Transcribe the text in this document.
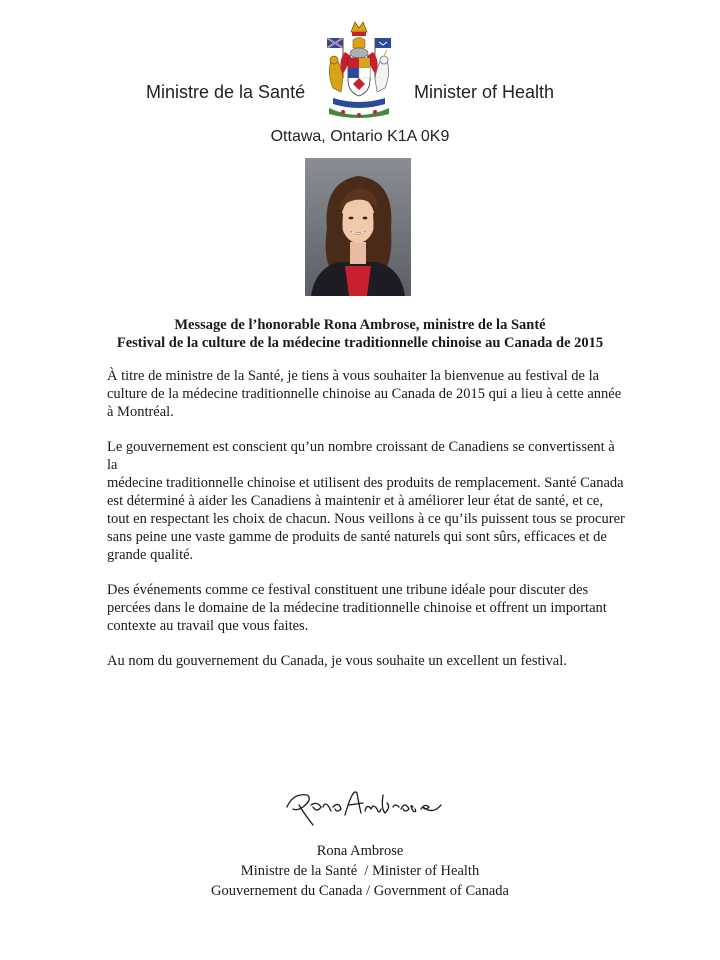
Ministre de la Santé	Minister of Health
Ottawa, Ontario K1A 0K9
Message de l’honorable Rona Ambrose, ministre de la Santé
Festival de la culture de la médecine traditionnelle chinoise au Canada de 2015
À titre de ministre de la Santé, je tiens à vous souhaiter la bienvenue au festival de la
culture de la médecine traditionnelle chinoise au Canada de 2015 qui a lieu à cette année
à Montréal.
Le gouvernement est conscient qu’un nombre croissant de Canadiens se convertissent à la
médecine traditionnelle chinoise et utilisent des produits de remplacement. Santé Canada
est déterminé à aider les Canadiens à maintenir et à améliorer leur état de santé, et ce,
tout en respectant les choix de chacun. Nous veillons à ce qu’ils puissent tous se procurer
sans peine une vaste gamme de produits de santé naturels qui sont sûrs, efficaces et de
grande qualité.
Des événements comme ce festival constituent une tribune idéale pour discuter des
percées dans le domaine de la médecine traditionnelle chinoise et offrent un important
contexte au travail que vous faites.
Au nom du gouvernement du Canada, je vous souhaite un excellent un festival.
Rona Ambrose
Ministre de la Santé  / Minister of Health
Gouvernement du Canada / Government of Canada
